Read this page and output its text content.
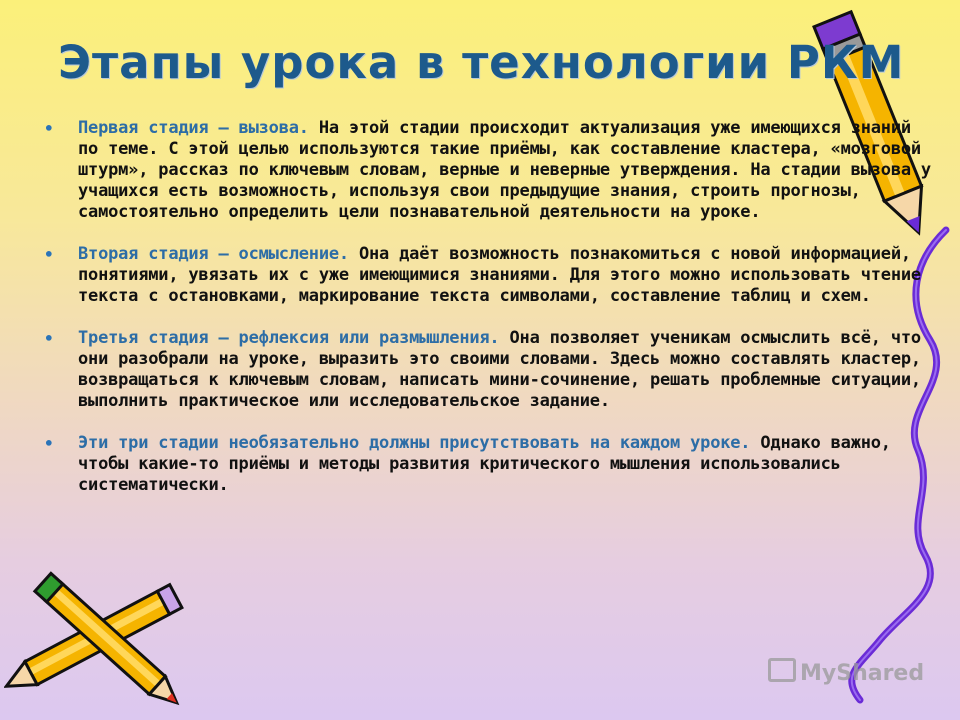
Этапы урока в технологии РКМ
• Первая стадия – вызова. На этой стадии происходит актуализация уже имеющихся знаний по теме. С этой целью используются такие приёмы, как составление кластера, «мозговой штурм», рассказ по ключевым словам, верные и неверные утверждения. На стадии вызова у учащихся есть возможность, используя свои предыдущие знания, строить прогнозы, самостоятельно определить цели познавательной деятельности на уроке.
• Вторая стадия – осмысление. Она даёт возможность познакомиться с новой информацией, понятиями, увязать их с уже имеющимися знаниями. Для этого можно использовать чтение текста с остановками, маркирование текста символами, составление таблиц и схем.
• Третья стадия – рефлексия или размышления. Она позволяет ученикам осмыслить всё, что они разобрали на уроке, выразить это своими словами. Здесь можно составлять кластер, возвращаться к ключевым словам, написать мини-сочинение, решать проблемные ситуации, выполнить практическое или исследовательское задание.
• Эти три стадии необязательно должны присутствовать на каждом уроке. Однако важно, чтобы какие-то приёмы и методы развития критического мышления использовались систематически.
MyShared
